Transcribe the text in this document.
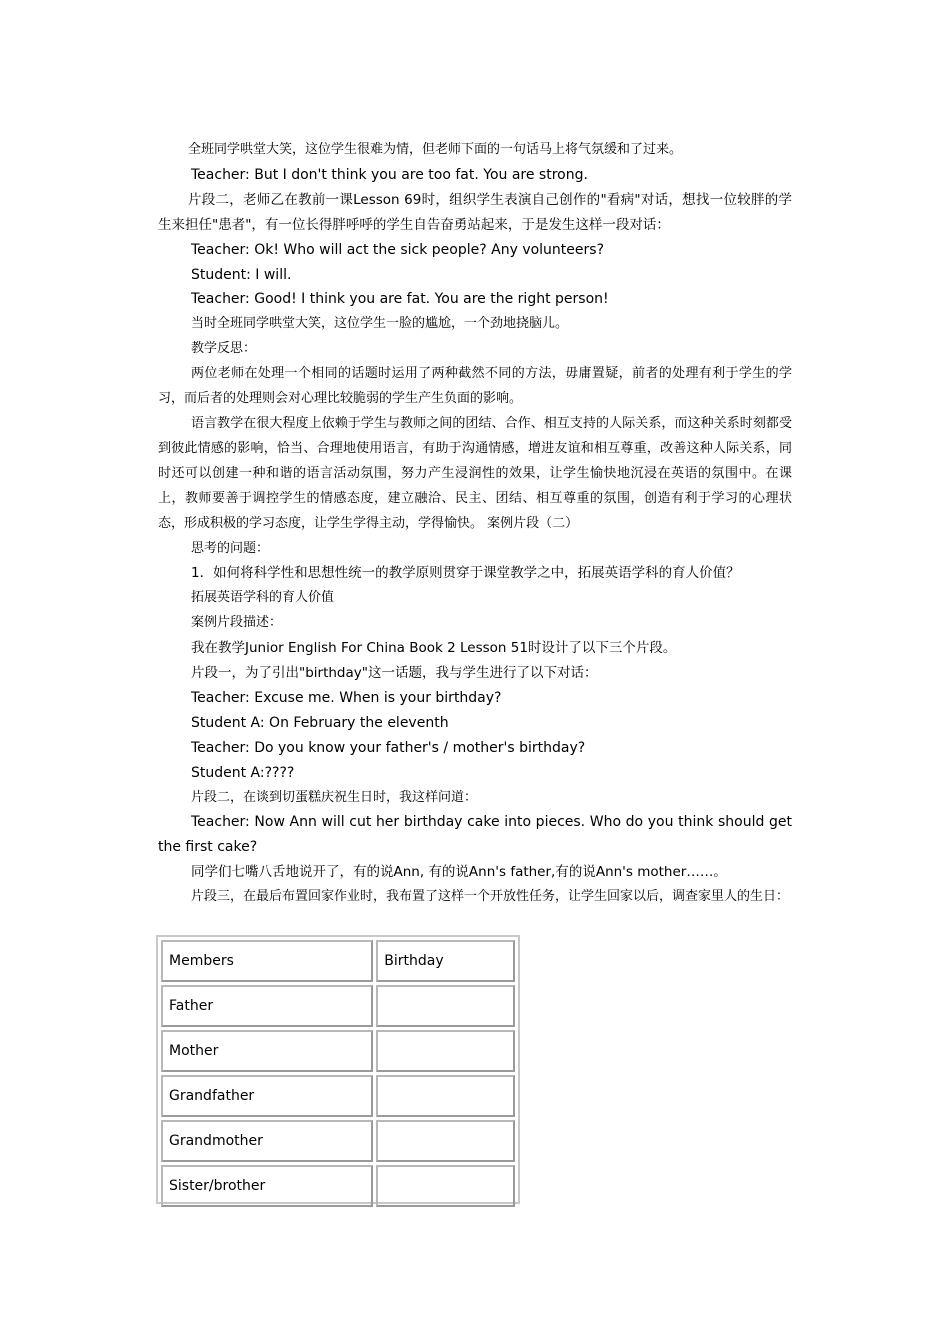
全班同学哄堂大笑，这位学生很难为情，但老师下面的一句话马上将气氛缓和了过来。

Teacher: But I don't think you are too fat. You are strong.

片段二，老师乙在教前一课Lesson 69时，组织学生表演自己创作的"看病"对话，想找一位较胖的学生来担任"患者"，有一位长得胖呼呼的学生自告奋勇站起来，于是发生这样一段对话：

Teacher: Ok! Who will act the sick people? Any volunteers?

Student: I will.

Teacher: Good! I think you are fat. You are the right person!

当时全班同学哄堂大笑，这位学生一脸的尴尬，一个劲地挠脑儿。

教学反思：

两位老师在处理一个相同的话题时运用了两种截然不同的方法，毋庸置疑，前者的处理有利于学生的学习，而后者的处理则会对心理比较脆弱的学生产生负面的影响。

语言教学在很大程度上依赖于学生与教师之间的团结、合作、相互支持的人际关系，而这种关系时刻都受到彼此情感的影响，恰当、合理地使用语言，有助于沟通情感，增进友谊和相互尊重，改善这种人际关系，同时还可以创建一种和谐的语言活动氛围，努力产生浸润性的效果，让学生愉快地沉浸在英语的氛围中。在课上，教师要善于调控学生的情感态度，建立融洽、民主、团结、相互尊重的氛围，创造有利于学习的心理状态，形成积极的学习态度，让学生学得主动，学得愉快。 案例片段（二）

思考的问题：

1．如何将科学性和思想性统一的教学原则贯穿于课堂教学之中，拓展英语学科的育人价值？

拓展英语学科的育人价值

案例片段描述：

我在教学Junior English For China Book 2 Lesson 51时设计了以下三个片段。

片段一，为了引出"birthday"这一话题，我与学生进行了以下对话：

Teacher: Excuse me. When is your birthday?

Student A: On February the eleventh

Teacher: Do you know your father's / mother's birthday?

Student A:????

片段二，在谈到切蛋糕庆祝生日时，我这样问道：

Teacher: Now Ann will cut her birthday cake into pieces. Who do you think should get the first cake?

同学们七嘴八舌地说开了，有的说Ann, 有的说Ann's father,有的说Ann's mother……。

片段三，在最后布置回家作业时，我布置了这样一个开放性任务，让学生回家以后，调查家里人的生日：

Members	Birthday
Father	
Mother	
Grandfather	
Grandmother	
Sister/brother	
